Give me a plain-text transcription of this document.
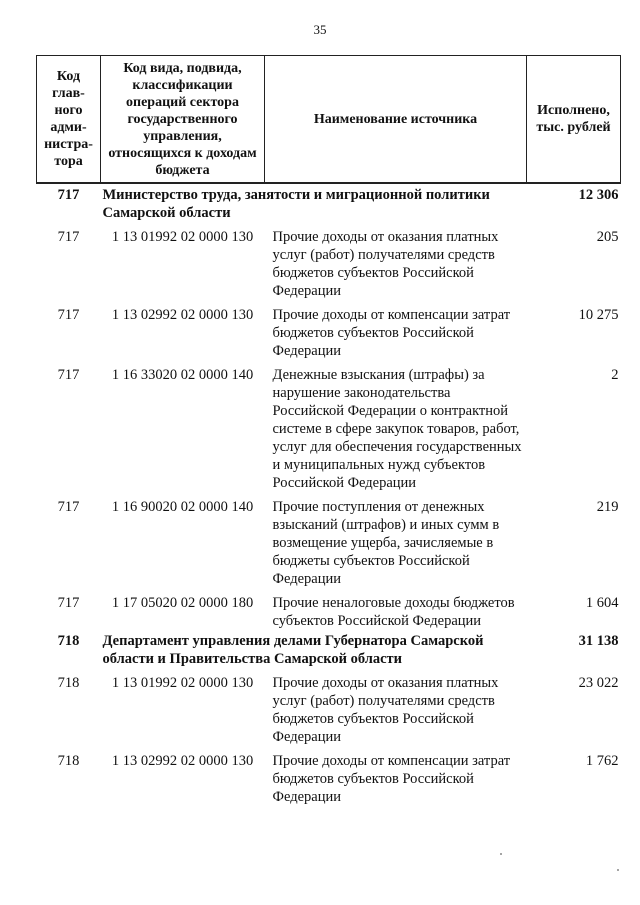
35
Код глав-ного адми-нистра-тора	Код вида, подвида, классификации операций сектора государственного управления, относящихся к доходам бюджета	Наименование источника	Исполнено, тыс. рублей
717	Министерство труда, занятости и миграционной политики Самарской области		12 306
717	1 13 01992 02 0000 130	Прочие доходы от оказания платных услуг (работ) получателями средств бюджетов субъектов Российской Федерации	205
717	1 13 02992 02 0000 130	Прочие доходы от компенсации затрат бюджетов субъектов Российской Федерации	10 275
717	1 16 33020 02 0000 140	Денежные взыскания (штрафы) за нарушение законодательства Российской Федерации о контрактной системе в сфере закупок товаров, работ, услуг для обеспечения государственных и муниципальных нужд субъектов Российской Федерации	2
717	1 16 90020 02 0000 140	Прочие поступления от денежных взысканий (штрафов) и иных сумм в возмещение ущерба, зачисляемые в бюджеты субъектов Российской Федерации	219
717	1 17 05020 02 0000 180	Прочие неналоговые доходы бюджетов субъектов Российской Федерации	1 604
718	Департамент управления делами Губернатора Самарской области и Правительства Самарской области		31 138
718	1 13 01992 02 0000 130	Прочие доходы от оказания платных услуг (работ) получателями средств бюджетов субъектов Российской Федерации	23 022
718	1 13 02992 02 0000 130	Прочие доходы от компенсации затрат бюджетов субъектов Российской Федерации	1 762
